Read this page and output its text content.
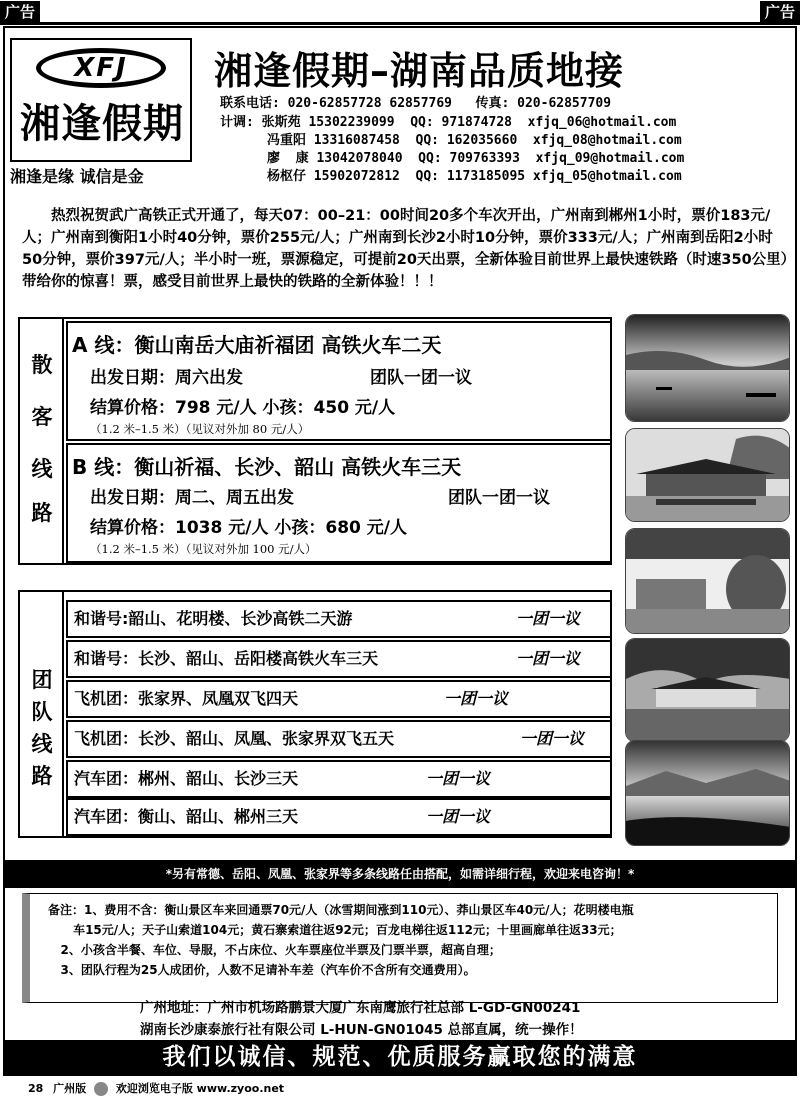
广告	广告
XFJ
湘逢假期
湘逢是缘 诚信是金
湘逢假期–湖南品质地接
联系电话: 020-62857728 62857769   传真: 020-62857709
计调: 张斯苑 15302239099  QQ: 971874728  xfjq_06@hotmail.com
冯重阳 13316087458  QQ: 162035660  xfjq_08@hotmail.com
廖  康 13042078040  QQ: 709763393  xfjq_09@hotmail.com
杨枢仔 15902072812  QQ: 1173185095 xfjq_05@hotmail.com

热烈祝贺武广高铁正式开通了，每天07：00–21：00时间20多个车次开出，广州南到郴州1小时，票价183元/人；广州南到衡阳1小时40分钟，票价255元/人；广州南到长沙2小时10分钟，票价333元/人；广州南到岳阳2小时50分钟，票价397元/人；半小时一班，票源稳定，可提前20天出票，全新体验目前世界上最快速铁路（时速350公里）带给你的惊喜！票，感受目前世界上最快的铁路的全新体验！！！

散
客
线
路
A 线：衡山南岳大庙祈福团 高铁火车二天
出发日期：周六出发	团队一团一议
结算价格：798 元/人 小孩：450 元/人
（1.2 米–1.5 米）（见议对外加 80 元/人）
B 线：衡山祈福、长沙、韶山 高铁火车三天
出发日期：周二、周五出发	团队一团一议
结算价格：1038 元/人 小孩：680 元/人
（1.2 米–1.5 米）（见议对外加 100 元/人）
团
队
线
路
和谐号:韶山、花明楼、长沙高铁二天游	一团一议
和谐号：长沙、韶山、岳阳楼高铁火车三天	一团一议
飞机团：张家界、凤凰双飞四天	一团一议
飞机团：长沙、韶山、凤凰、张家界双飞五天	一团一议
汽车团：郴州、韶山、长沙三天	一团一议
汽车团：衡山、韶山、郴州三天	一团一议
*另有常德、岳阳、凤凰、张家界等多条线路任由搭配，如需详细行程，欢迎来电咨询！*
备注：1、费用不含：衡山景区车来回通票70元/人（冰雪期间涨到110元）、莽山景区车40元/人；花明楼电瓶
车15元/人；天子山索道104元；黄石寨索道往返92元；百龙电梯往返112元；十里画廊单往返33元；
2、小孩含半餐、车位、导服，不占床位、火车票座位半票及门票半票，超高自理；
3、团队行程为25人成团价，人数不足请补车差（汽车价不含所有交通费用）。
广州地址：广州市机场路鹏景大厦广东南鹰旅行社总部 L-GD-GN00241
湖南长沙康泰旅行社有限公司 L-HUN-GN01045 总部直属，统一操作！
我们以诚信、规范、优质服务赢取您的满意
28 广州版	欢迎浏览电子版 www.zyoo.net
